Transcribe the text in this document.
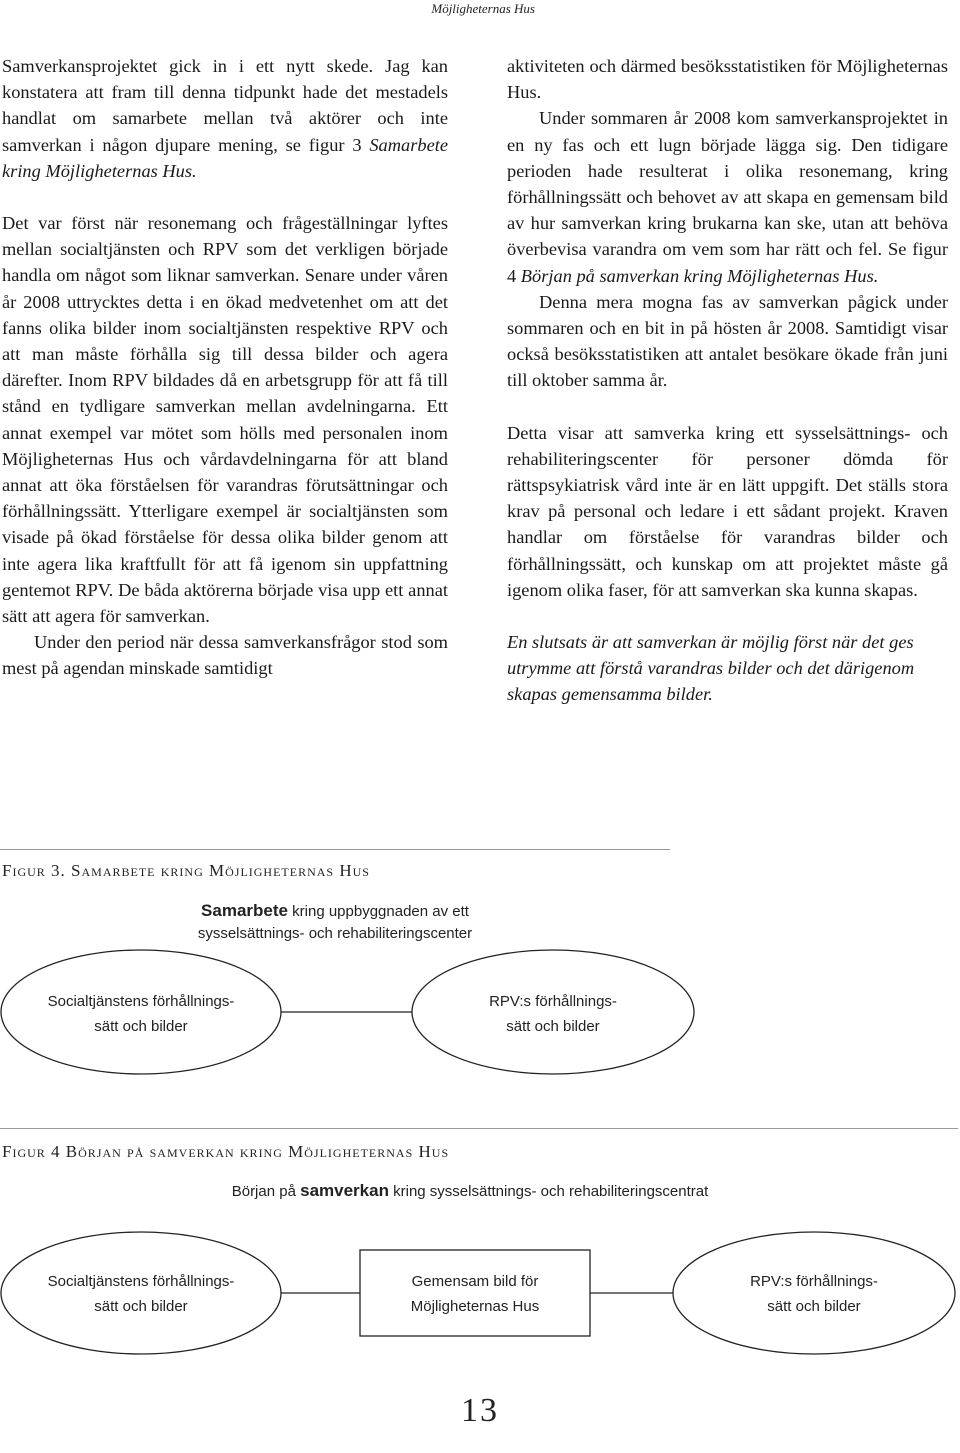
Möjligheternas Hus

Samverkansprojektet gick in i ett nytt skede. Jag kan konstatera att fram till denna tidpunkt hade det mestadels handlat om samarbete mellan två aktörer och inte samverkan i någon djupare mening, se figur 3 Samarbete kring Möjligheternas Hus.

Det var först när resonemang och frågeställningar lyftes mellan socialtjänsten och RPV som det verkligen började handla om något som liknar samverkan. Senare under våren år 2008 uttrycktes detta i en ökad medvetenhet om att det fanns olika bilder inom socialtjänsten respektive RPV och att man måste förhålla sig till dessa bilder och agera därefter. Inom RPV bildades då en arbetsgrupp för att få till stånd en tydligare samverkan mellan avdelningarna. Ett annat exempel var mötet som hölls med personalen inom Möjligheternas Hus och vårdavdelningarna för att bland annat att öka förståelsen för varandras förutsättningar och förhållningssätt. Ytterligare exempel är socialtjänsten som visade på ökad förståelse för dessa olika bilder genom att inte agera lika kraftfullt för att få igenom sin uppfattning gentemot RPV. De båda aktörerna började visa upp ett annat sätt att agera för samverkan.

Under den period när dessa samverkansfrågor stod som mest på agendan minskade samtidigt

aktiviteten och därmed besöksstatistiken för Möjligheternas Hus.

Under sommaren år 2008 kom samverkansprojektet in en ny fas och ett lugn började lägga sig. Den tidigare perioden hade resulterat i olika resonemang, kring förhållningssätt och behovet av att skapa en gemensam bild av hur samverkan kring brukarna kan ske, utan att behöva överbevisa varandra om vem som har rätt och fel. Se figur 4 Början på samverkan kring Möjligheternas Hus.

Denna mera mogna fas av samverkan pågick under sommaren och en bit in på hösten år 2008. Samtidigt visar också besöksstatistiken att antalet besökare ökade från juni till oktober samma år.

Detta visar att samverka kring ett sysselsättnings- och rehabiliteringscenter för personer dömda för rättspsykiatrisk vård inte är en lätt uppgift. Det ställs stora krav på personal och ledare i ett sådant projekt. Kraven handlar om förståelse för varandras bilder och förhållningssätt, och kunskap om att projektet måste gå igenom olika faser, för att samverkan ska kunna skapas.

En slutsats är att samverkan är möjlig först när det ges utrymme att förstå varandras bilder och det därigenom skapas gemensamma bilder.

Figur 3. Samarbete kring Möjligheternas Hus
Samarbete kring uppbyggnaden av ett
sysselsättnings- och rehabiliteringscenter
Socialtjänstens förhållnings-
sätt och bilder
RPV:s förhållnings-
sätt och bilder
Figur 4 Början på samverkan kring Möjligheternas Hus
Början på samverkan kring sysselsättnings- och rehabiliteringscentrat
Socialtjänstens förhållnings-
sätt och bilder
Gemensam bild för
Möjligheternas Hus
RPV:s förhållnings-
sätt och bilder
13
